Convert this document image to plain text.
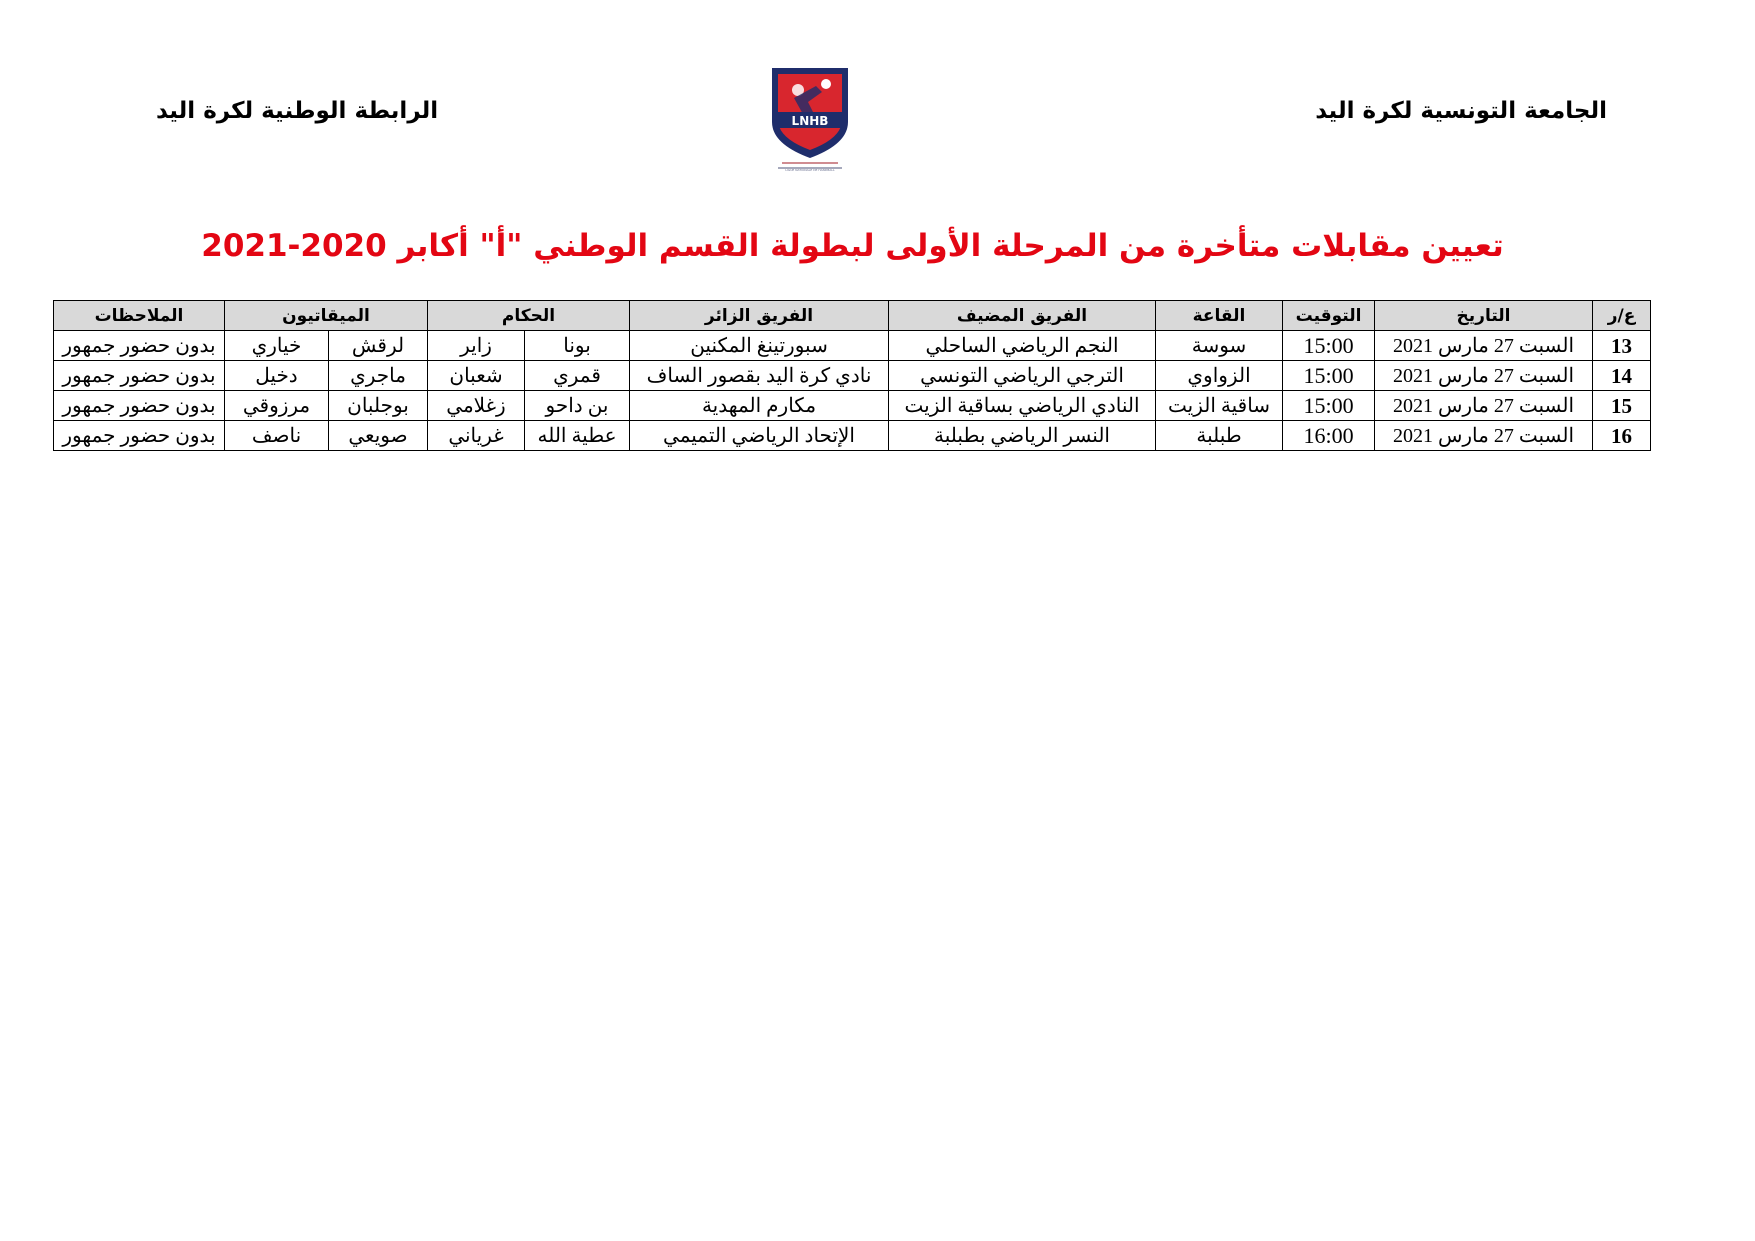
الجامعة التونسية لكرة اليد
الرابطة الوطنية لكرة اليد	LNHB
LIGUE NATIONALE DE HANDBALL
تعيين مقابلات متأخرة من المرحلة الأولى لبطولة القسم الوطني "أ" أكابر 2020-2021
ع/ر	التاريخ	التوقيت	القاعة	الفريق المضيف	الفريق الزائر	الحكام		الميقاتيون		الملاحظات
13	السبت 27 مارس 2021	15:00	سوسة	النجم الرياضي الساحلي	سبورتينغ المكنين	بونا	زاير	لرقش	خياري	بدون حضور جمهور
14	السبت 27 مارس 2021	15:00	الزواوي	الترجي الرياضي التونسي	نادي كرة اليد بقصور الساف	قمري	شعبان	ماجري	دخيل	بدون حضور جمهور
15	السبت 27 مارس 2021	15:00	ساقية الزيت	النادي الرياضي بساقية الزيت	مكارم المهدية	بن داحو	زغلامي	بوجلبان	مرزوقي	بدون حضور جمهور
16	السبت 27 مارس 2021	16:00	طبلبة	النسر الرياضي بطبلبة	الإتحاد الرياضي التميمي	عطية الله	غرياني	صويعي	ناصف	بدون حضور جمهور
